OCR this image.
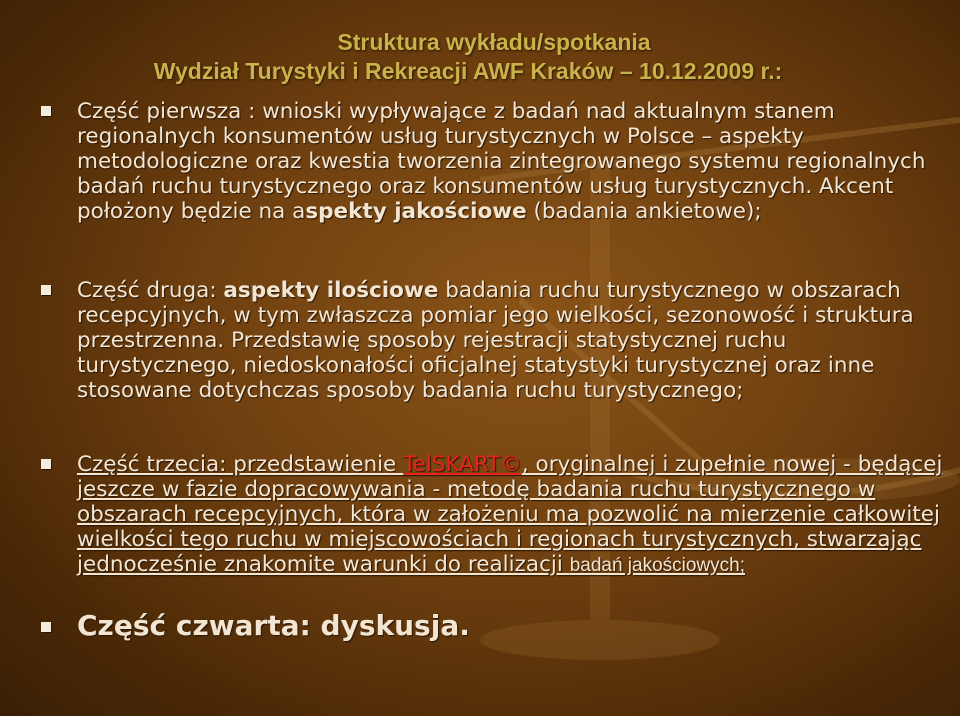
Struktura wykładu/spotkania
Wydział Turystyki i Rekreacji AWF Kraków – 10.12.2009 r.:
Część pierwsza : wnioski wypływające z badań nad aktualnym stanem regionalnych konsumentów usług turystycznych w Polsce – aspekty metodologiczne oraz kwestia tworzenia zintegrowanego systemu regionalnych badań ruchu turystycznego oraz konsumentów usług turystycznych. Akcent położony będzie na aspekty jakościowe (badania ankietowe);
Część druga: aspekty ilościowe badania ruchu turystycznego w obszarach recepcyjnych, w tym zwłaszcza pomiar jego wielkości, sezonowość i struktura przestrzenna. Przedstawię sposoby rejestracji statystycznej ruchu turystycznego, niedoskonałości oficjalnej statystyki turystycznej oraz inne stosowane dotychczas sposoby badania ruchu turystycznego;
Część trzecia: przedstawienie TelSKART©, oryginalnej i zupełnie nowej - będącej jeszcze w fazie dopracowywania - metodę badania ruchu turystycznego w obszarach recepcyjnych, która w założeniu ma pozwolić na mierzenie całkowitej wielkości tego ruchu w miejscowościach i regionach turystycznych, stwarzając jednocześnie znakomite warunki do realizacji badań jakościowych;
Część czwarta: dyskusja.
